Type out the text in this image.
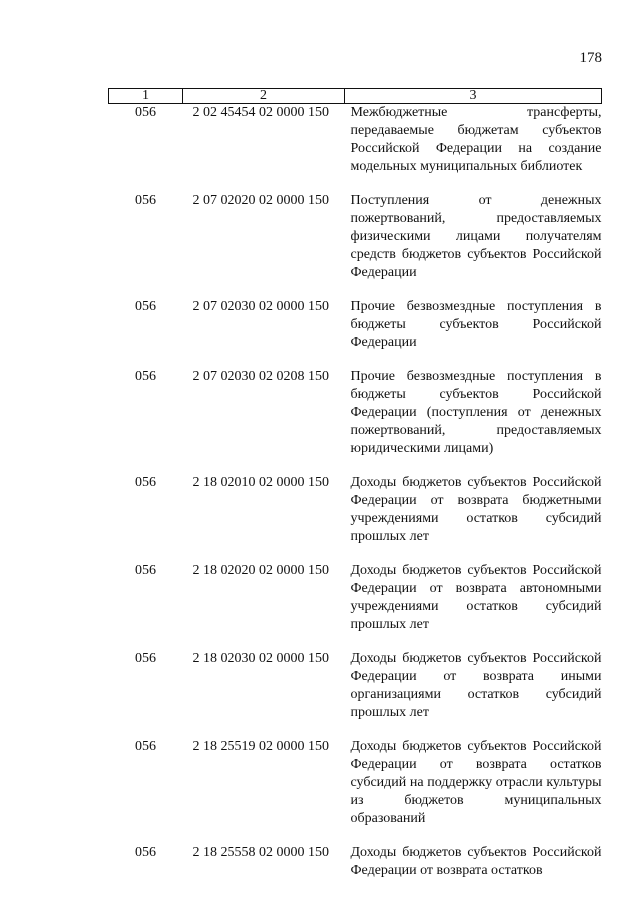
178
1	2	3
056	2 02 45454 02 0000 150	Межбюджетные трансферты, передаваемые бюджетам субъектов Российской Федерации на создание модельных муниципальных библиотек
056	2 07 02020 02 0000 150	Поступления от денежных пожертвований, предоставляемых физическими лицами получателям средств бюджетов субъектов Российской Федерации
056	2 07 02030 02 0000 150	Прочие безвозмездные поступления в бюджеты субъектов Российской Федерации
056	2 07 02030 02 0208 150	Прочие безвозмездные поступления в бюджеты субъектов Российской Федерации (поступления от денежных пожертвований, предоставляемых юридическими лицами)
056	2 18 02010 02 0000 150	Доходы бюджетов субъектов Российской Федерации от возврата бюджетными учреждениями остатков субсидий прошлых лет
056	2 18 02020 02 0000 150	Доходы бюджетов субъектов Российской Федерации от возврата автономными учреждениями остатков субсидий прошлых лет
056	2 18 02030 02 0000 150	Доходы бюджетов субъектов Российской Федерации от возврата иными организациями остатков субсидий прошлых лет
056	2 18 25519 02 0000 150	Доходы бюджетов субъектов Российской Федерации от возврата остатков субсидий на поддержку отрасли культуры из бюджетов муниципальных образований
056	2 18 25558 02 0000 150	Доходы бюджетов субъектов Российской Федерации от возврата остатков
